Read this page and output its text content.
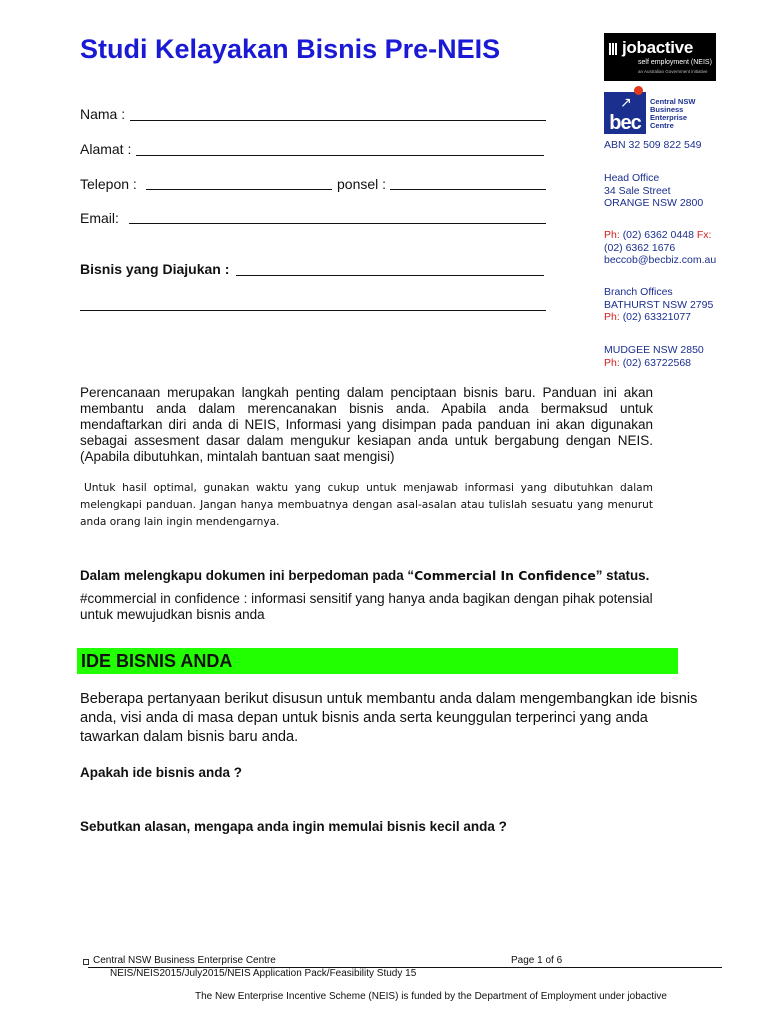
Studi Kelayakan Bisnis Pre-NEIS
Nama :
Alamat :
Telepon :	ponsel :
Email:
Bisnis yang Diajukan :
jobactive
self employment (NEIS)
an Australian Government initiative
bec
↗ Central NSW
Business
Enterprise
Centre
ABN 32 509 822 549
Head Office
34 Sale Street
ORANGE NSW 2800
Ph: (02) 6362 0448 Fx:
(02) 6362 1676
beccob@becbiz.com.au
Branch Offices
BATHURST NSW 2795
Ph: (02) 63321077
MUDGEE NSW 2850
Ph: (02) 63722568
Perencanaan merupakan langkah penting dalam penciptaan bisnis baru. Panduan ini akan membantu anda dalam merencanakan bisnis anda. Apabila anda bermaksud untuk mendaftarkan diri anda di NEIS, Informasi yang disimpan pada panduan ini akan digunakan sebagai assesment dasar dalam mengukur kesiapan anda untuk bergabung dengan NEIS. (Apabila dibutuhkan, mintalah bantuan saat mengisi)
Untuk hasil optimal, gunakan waktu yang cukup untuk menjawab informasi yang dibutuhkan dalam melengkapi panduan. Jangan hanya membuatnya dengan asal-asalan atau tulislah sesuatu yang menurut anda orang lain ingin mendengarnya.
Dalam melengkapu dokumen ini berpedoman pada “Commercial In Confidence” status.
#commercial in confidence : informasi sensitif yang hanya anda bagikan dengan pihak potensial untuk mewujudkan bisnis anda
IDE BISNIS ANDA
Beberapa pertanyaan berikut disusun untuk membantu anda dalam mengembangkan ide bisnis anda, visi anda di masa depan untuk bisnis anda serta keunggulan terperinci yang anda tawarkan dalam bisnis baru anda.
Apakah ide bisnis anda ?
Sebutkan alasan, mengapa anda ingin memulai bisnis kecil anda ?
Central NSW Business Enterprise Centre	Page 1 of 6
NEIS/NEIS2015/July2015/NEIS Application Pack/Feasibility Study 15
The New Enterprise Incentive Scheme (NEIS) is funded by the Department of Employment under jobactive
